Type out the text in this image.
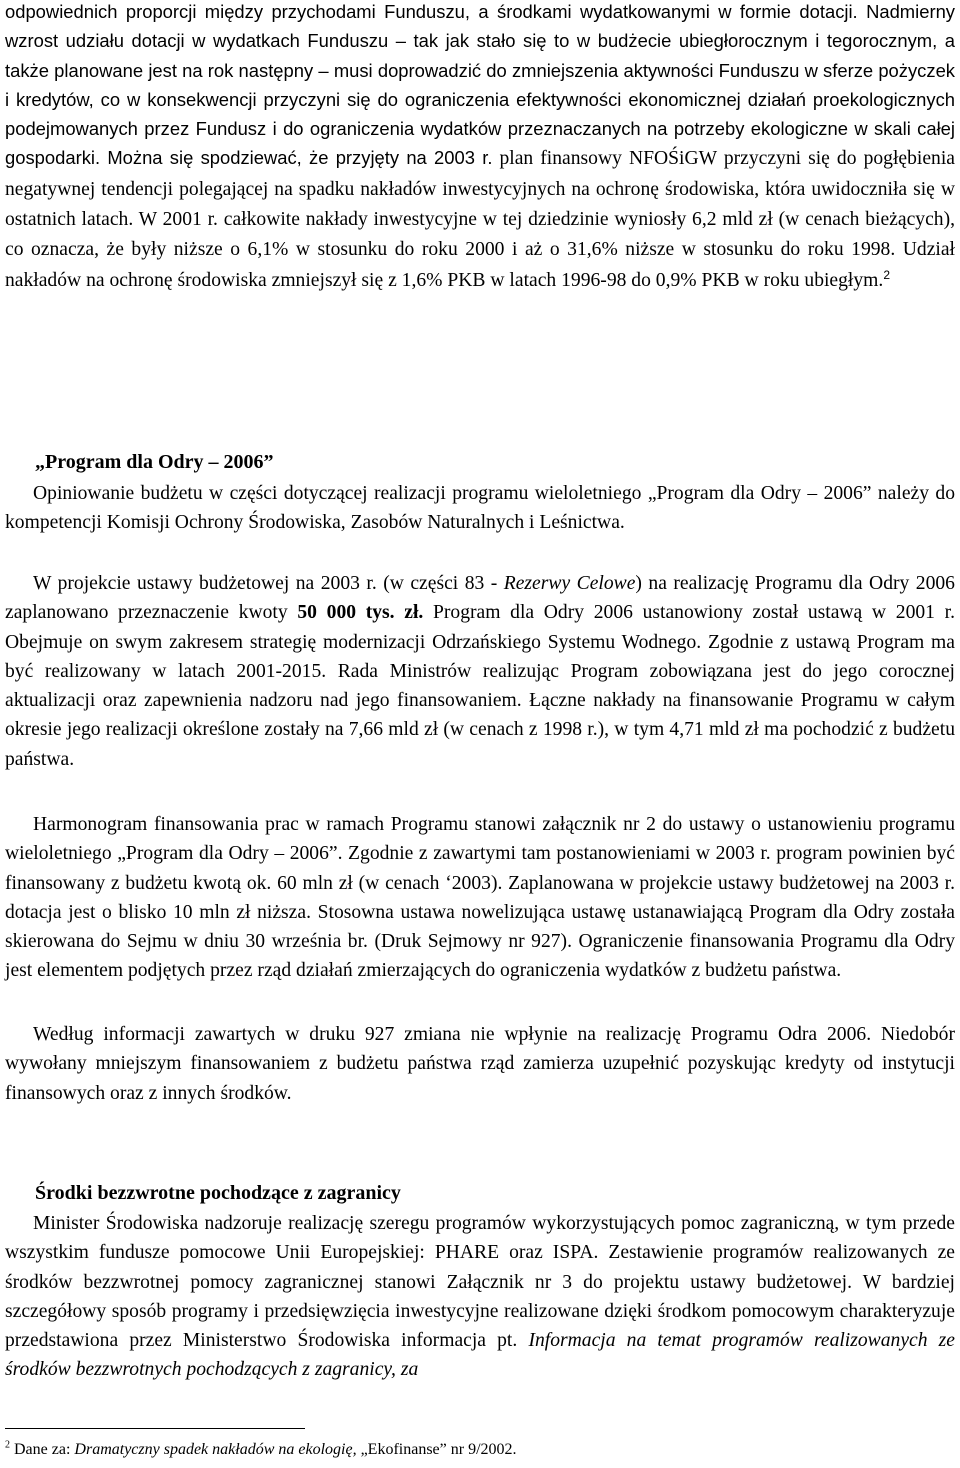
odpowiednich proporcji między przychodami Funduszu, a środkami wydatkowanymi w formie dotacji. Nadmierny wzrost udziału dotacji w wydatkach Funduszu – tak jak stało się to w budżecie ubiegłorocznym i tegorocznym, a także planowane jest na rok następny – musi doprowadzić do zmniejszenia aktywności Funduszu w sferze pożyczek i kredytów, co w konsekwencji przyczyni się do ograniczenia efektywności ekonomicznej działań proekologicznych podejmowanych przez Fundusz i do ograniczenia wydatków przeznaczanych na potrzeby ekologiczne w skali całej gospodarki. Można się spodziewać, że przyjęty na 2003 r. plan finansowy NFOŚiGW przyczyni się do pogłębienia negatywnej tendencji polegającej na spadku nakładów inwestycyjnych na ochronę środowiska, która uwidoczniła się w ostatnich latach. W 2001 r. całkowite nakłady inwestycyjne w tej dziedzinie wyniosły 6,2 mld zł (w cenach bieżących), co oznacza, że były niższe o 6,1% w stosunku do roku 2000 i aż o 31,6% niższe w stosunku do roku 1998. Udział nakładów na ochronę środowiska zmniejszył się z 1,6% PKB w latach 1996-98 do 0,9% PKB w roku ubiegłym.$^2$

„Program dla Odry – 2006”

Opiniowanie budżetu w części dotyczącej realizacji programu wieloletniego „Program dla Odry – 2006” należy do kompetencji Komisji Ochrony Środowiska, Zasobów Naturalnych i Leśnictwa.

W projekcie ustawy budżetowej na 2003 r. (w części 83 - Rezerwy Celowe) na realizację Programu dla Odry 2006 zaplanowano przeznaczenie kwoty 50 000 tys. zł. Program dla Odry 2006 ustanowiony został ustawą w 2001 r. Obejmuje on swym zakresem strategię modernizacji Odrzańskiego Systemu Wodnego. Zgodnie z ustawą Program ma być realizowany w latach 2001-2015. Rada Ministrów realizując Program zobowiązana jest do jego corocznej aktualizacji oraz zapewnienia nadzoru nad jego finansowaniem. Łączne nakłady na finansowanie Programu w całym okresie jego realizacji określone zostały na 7,66 mld zł (w cenach z 1998 r.), w tym 4,71 mld zł ma pochodzić z budżetu państwa.

Harmonogram finansowania prac w ramach Programu stanowi załącznik nr 2 do ustawy o ustanowieniu programu wieloletniego „Program dla Odry – 2006”. Zgodnie z zawartymi tam postanowieniami w 2003 r. program powinien być finansowany z budżetu kwotą ok. 60 mln zł (w cenach ‘2003). Zaplanowana w projekcie ustawy budżetowej na 2003 r. dotacja jest o blisko 10 mln zł niższa. Stosowna ustawa nowelizująca ustawę ustanawiającą Program dla Odry została skierowana do Sejmu w dniu 30 września br. (Druk Sejmowy nr 927). Ograniczenie finansowania Programu dla Odry jest elementem podjętych przez rząd działań zmierzających do ograniczenia wydatków z budżetu państwa.

Według informacji zawartych w druku 927 zmiana nie wpłynie na realizację Programu Odra 2006. Niedobór wywołany mniejszym finansowaniem z budżetu państwa rząd zamierza uzupełnić pozyskując kredyty od instytucji finansowych oraz z innych środków.

Środki bezzwrotne pochodzące z zagranicy

Minister Środowiska nadzoruje realizację szeregu programów wykorzystujących pomoc zagraniczną, w tym przede wszystkim fundusze pomocowe Unii Europejskiej: PHARE oraz ISPA. Zestawienie programów realizowanych ze środków bezzwrotnej pomocy zagranicznej stanowi Załącznik nr 3 do projektu ustawy budżetowej. W bardziej szczegółowy sposób programy i przedsięwzięcia inwestycyjne realizowane dzięki środkom pomocowym charakteryzuje przedstawiona przez Ministerstwo Środowiska informacja pt. Informacja na temat programów realizowanych ze środków bezzwrotnych pochodzących z zagranicy, za

$^2$ Dane za: Dramatyczny spadek nakładów na ekologię, „Ekofinanse” nr 9/2002.
